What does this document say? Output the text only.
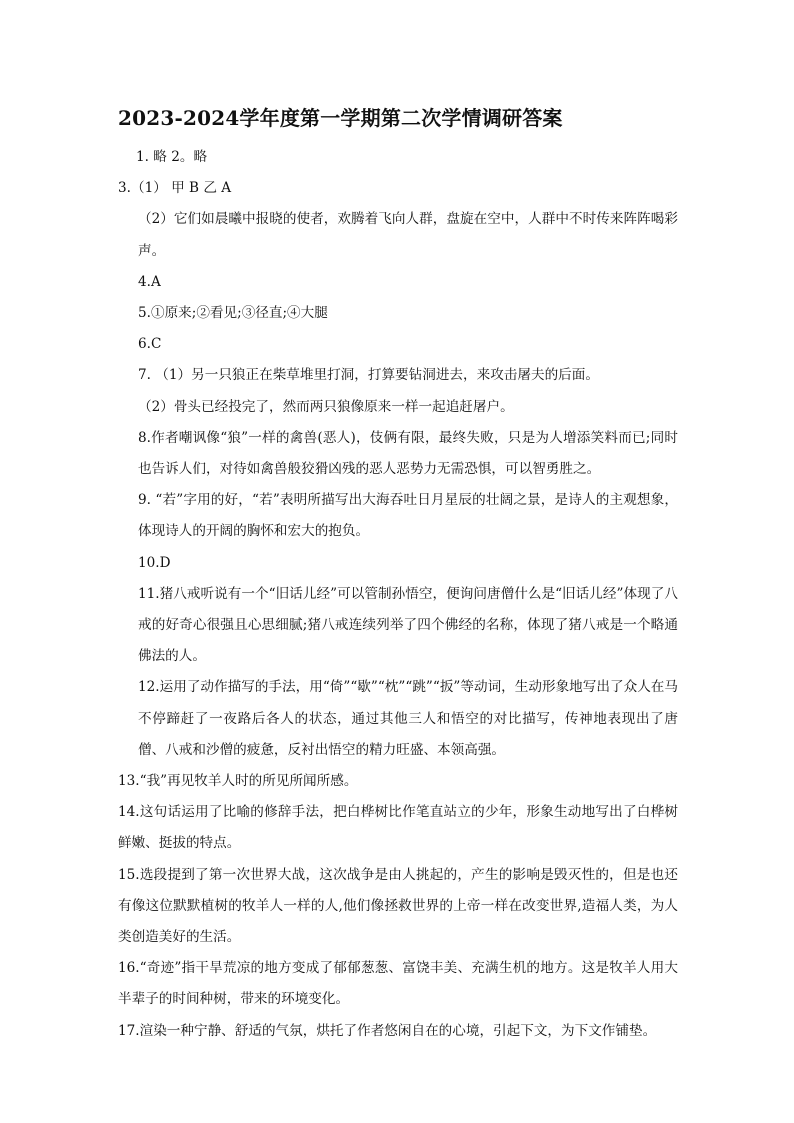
2023-2024学年度第一学期第二次学情调研答案

1. 略 2。略

3.（1） 甲 B 乙 A

（2）它们如晨曦中报晓的使者，欢腾着飞向人群，盘旋在空中，人群中不时传来阵阵喝彩声。

4.A

5.①原来;②看见;③径直;④大腿

6.C

7. （1）另一只狼正在柴草堆里打洞，打算要钻洞进去，来攻击屠夫的后面。

（2）骨头已经投完了，然而两只狼像原来一样一起追赶屠户。

8.作者嘲讽像“狼”一样的禽兽(恶人)，伎俩有限，最终失败，只是为人增添笑料而已;同时也告诉人们，对待如禽兽般狡猾凶残的恶人恶势力无需恐惧，可以智勇胜之。

9. “若”字用的好，“若”表明所描写出大海吞吐日月星辰的壮阔之景，是诗人的主观想象，体现诗人的开阔的胸怀和宏大的抱负。

10.D

11.猪八戒听说有一个“旧话儿经”可以管制孙悟空，便询问唐僧什么是“旧话儿经”体现了八戒的好奇心很强且心思细腻;猪八戒连续列举了四个佛经的名称，体现了猪八戒是一个略通佛法的人。

12.运用了动作描写的手法，用“倚”“歇”“枕”“跳”“扳”等动词，生动形象地写出了众人在马不停蹄赶了一夜路后各人的状态，通过其他三人和悟空的对比描写，传神地表现出了唐僧、八戒和沙僧的疲惫，反衬出悟空的精力旺盛、本领高强。

13.“我”再见牧羊人时的所见所闻所感。

14.这句话运用了比喻的修辞手法，把白桦树比作笔直站立的少年，形象生动地写出了白桦树鲜嫩、挺拔的特点。

15.选段提到了第一次世界大战，这次战争是由人挑起的，产生的影响是毁灭性的，但是也还有像这位默默植树的牧羊人一样的人,他们像拯救世界的上帝一样在改变世界,造福人类，为人类创造美好的生活。

16.“奇迹”指干旱荒凉的地方变成了郁郁葱葱、富饶丰美、充满生机的地方。这是牧羊人用大半辈子的时间种树，带来的环境变化。

17.渲染一种宁静、舒适的气氛，烘托了作者悠闲自在的心境，引起下文，为下文作铺垫。
